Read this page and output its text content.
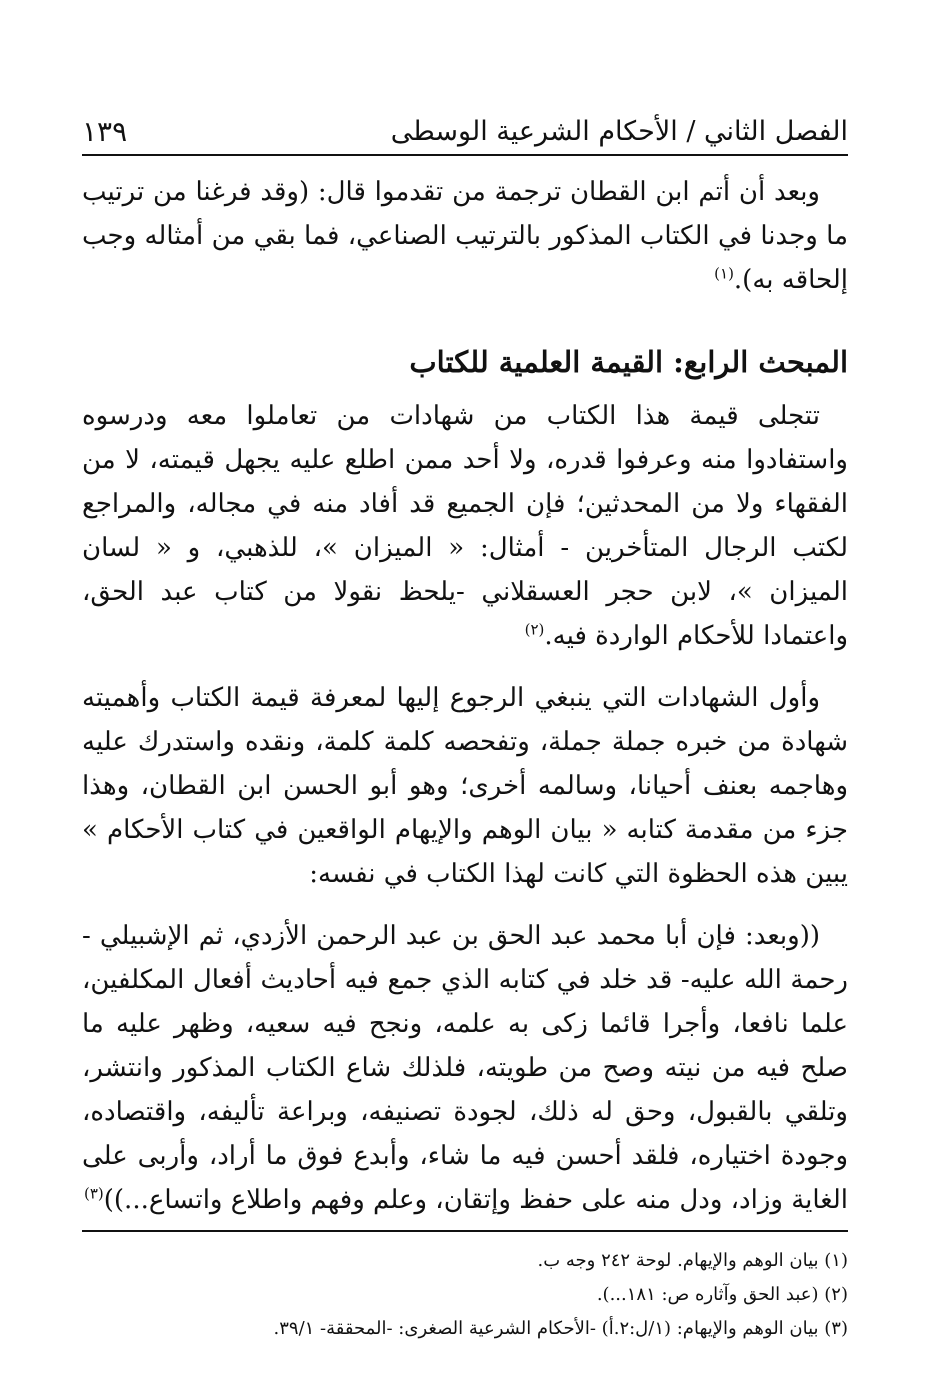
الفصل الثاني / الأحكام الشرعية الوسطى
١٣٩

وبعد أن أتم ابن القطان ترجمة من تقدموا قال: (وقد فرغنا من ترتيب ما وجدنا في الكتاب المذكور بالترتيب الصناعي، فما بقي من أمثاله وجب إلحاقه به).$^{(١)}$

المبحث الرابع: القيمة العلمية للكتاب

تتجلى قيمة هذا الكتاب من شهادات من تعاملوا معه ودرسوه واستفادوا منه وعرفوا قدره، ولا أحد ممن اطلع عليه يجهل قيمته، لا من الفقهاء ولا من المحدثين؛ فإن الجميع قد أفاد منه في مجاله، والمراجع لكتب الرجال المتأخرين - أمثال: « الميزان »، للذهبي، و « لسان الميزان »، لابن حجر العسقلاني -يلحظ نقولا من كتاب عبد الحق، واعتمادا للأحكام الواردة فيه.$^{(٢)}$

وأول الشهادات التي ينبغي الرجوع إليها لمعرفة قيمة الكتاب وأهميته شهادة من خبره جملة جملة، وتفحصه كلمة كلمة، ونقده واستدرك عليه وهاجمه بعنف أحيانا، وسالمه أخرى؛ وهو أبو الحسن ابن القطان، وهذا جزء من مقدمة كتابه « بيان الوهم والإيهام الواقعين في كتاب الأحكام » يبين هذه الحظوة التي كانت لهذا الكتاب في نفسه:

((وبعد: فإن أبا محمد عبد الحق بن عبد الرحمن الأزدي، ثم الإشبيلي - رحمة الله عليه- قد خلد في كتابه الذي جمع فيه أحاديث أفعال المكلفين، علما نافعا، وأجرا قائما زكى به علمه، ونجح فيه سعيه، وظهر عليه ما صلح فيه من نيته وصح من طويته، فلذلك شاع الكتاب المذكور وانتشر، وتلقي بالقبول، وحق له ذلك، لجودة تصنيفه، وبراعة تأليفه، واقتصاده، وجودة اختياره، فلقد أحسن فيه ما شاء، وأبدع فوق ما أراد، وأربى على الغاية وزاد، ودل منه على حفظ وإتقان، وعلم وفهم واطلاع واتساع...))$^{(٣)}$

(١) بيان الوهم والإيهام. لوحة ٢٤٢ وجه ب.

(٢) (عبد الحق وآثاره ص: ١٨١...).

(٣) بيان الوهم والإيهام: (١/ل:٢.أ) -الأحكام الشرعية الصغرى: -المحققة- ٣٩/١.
